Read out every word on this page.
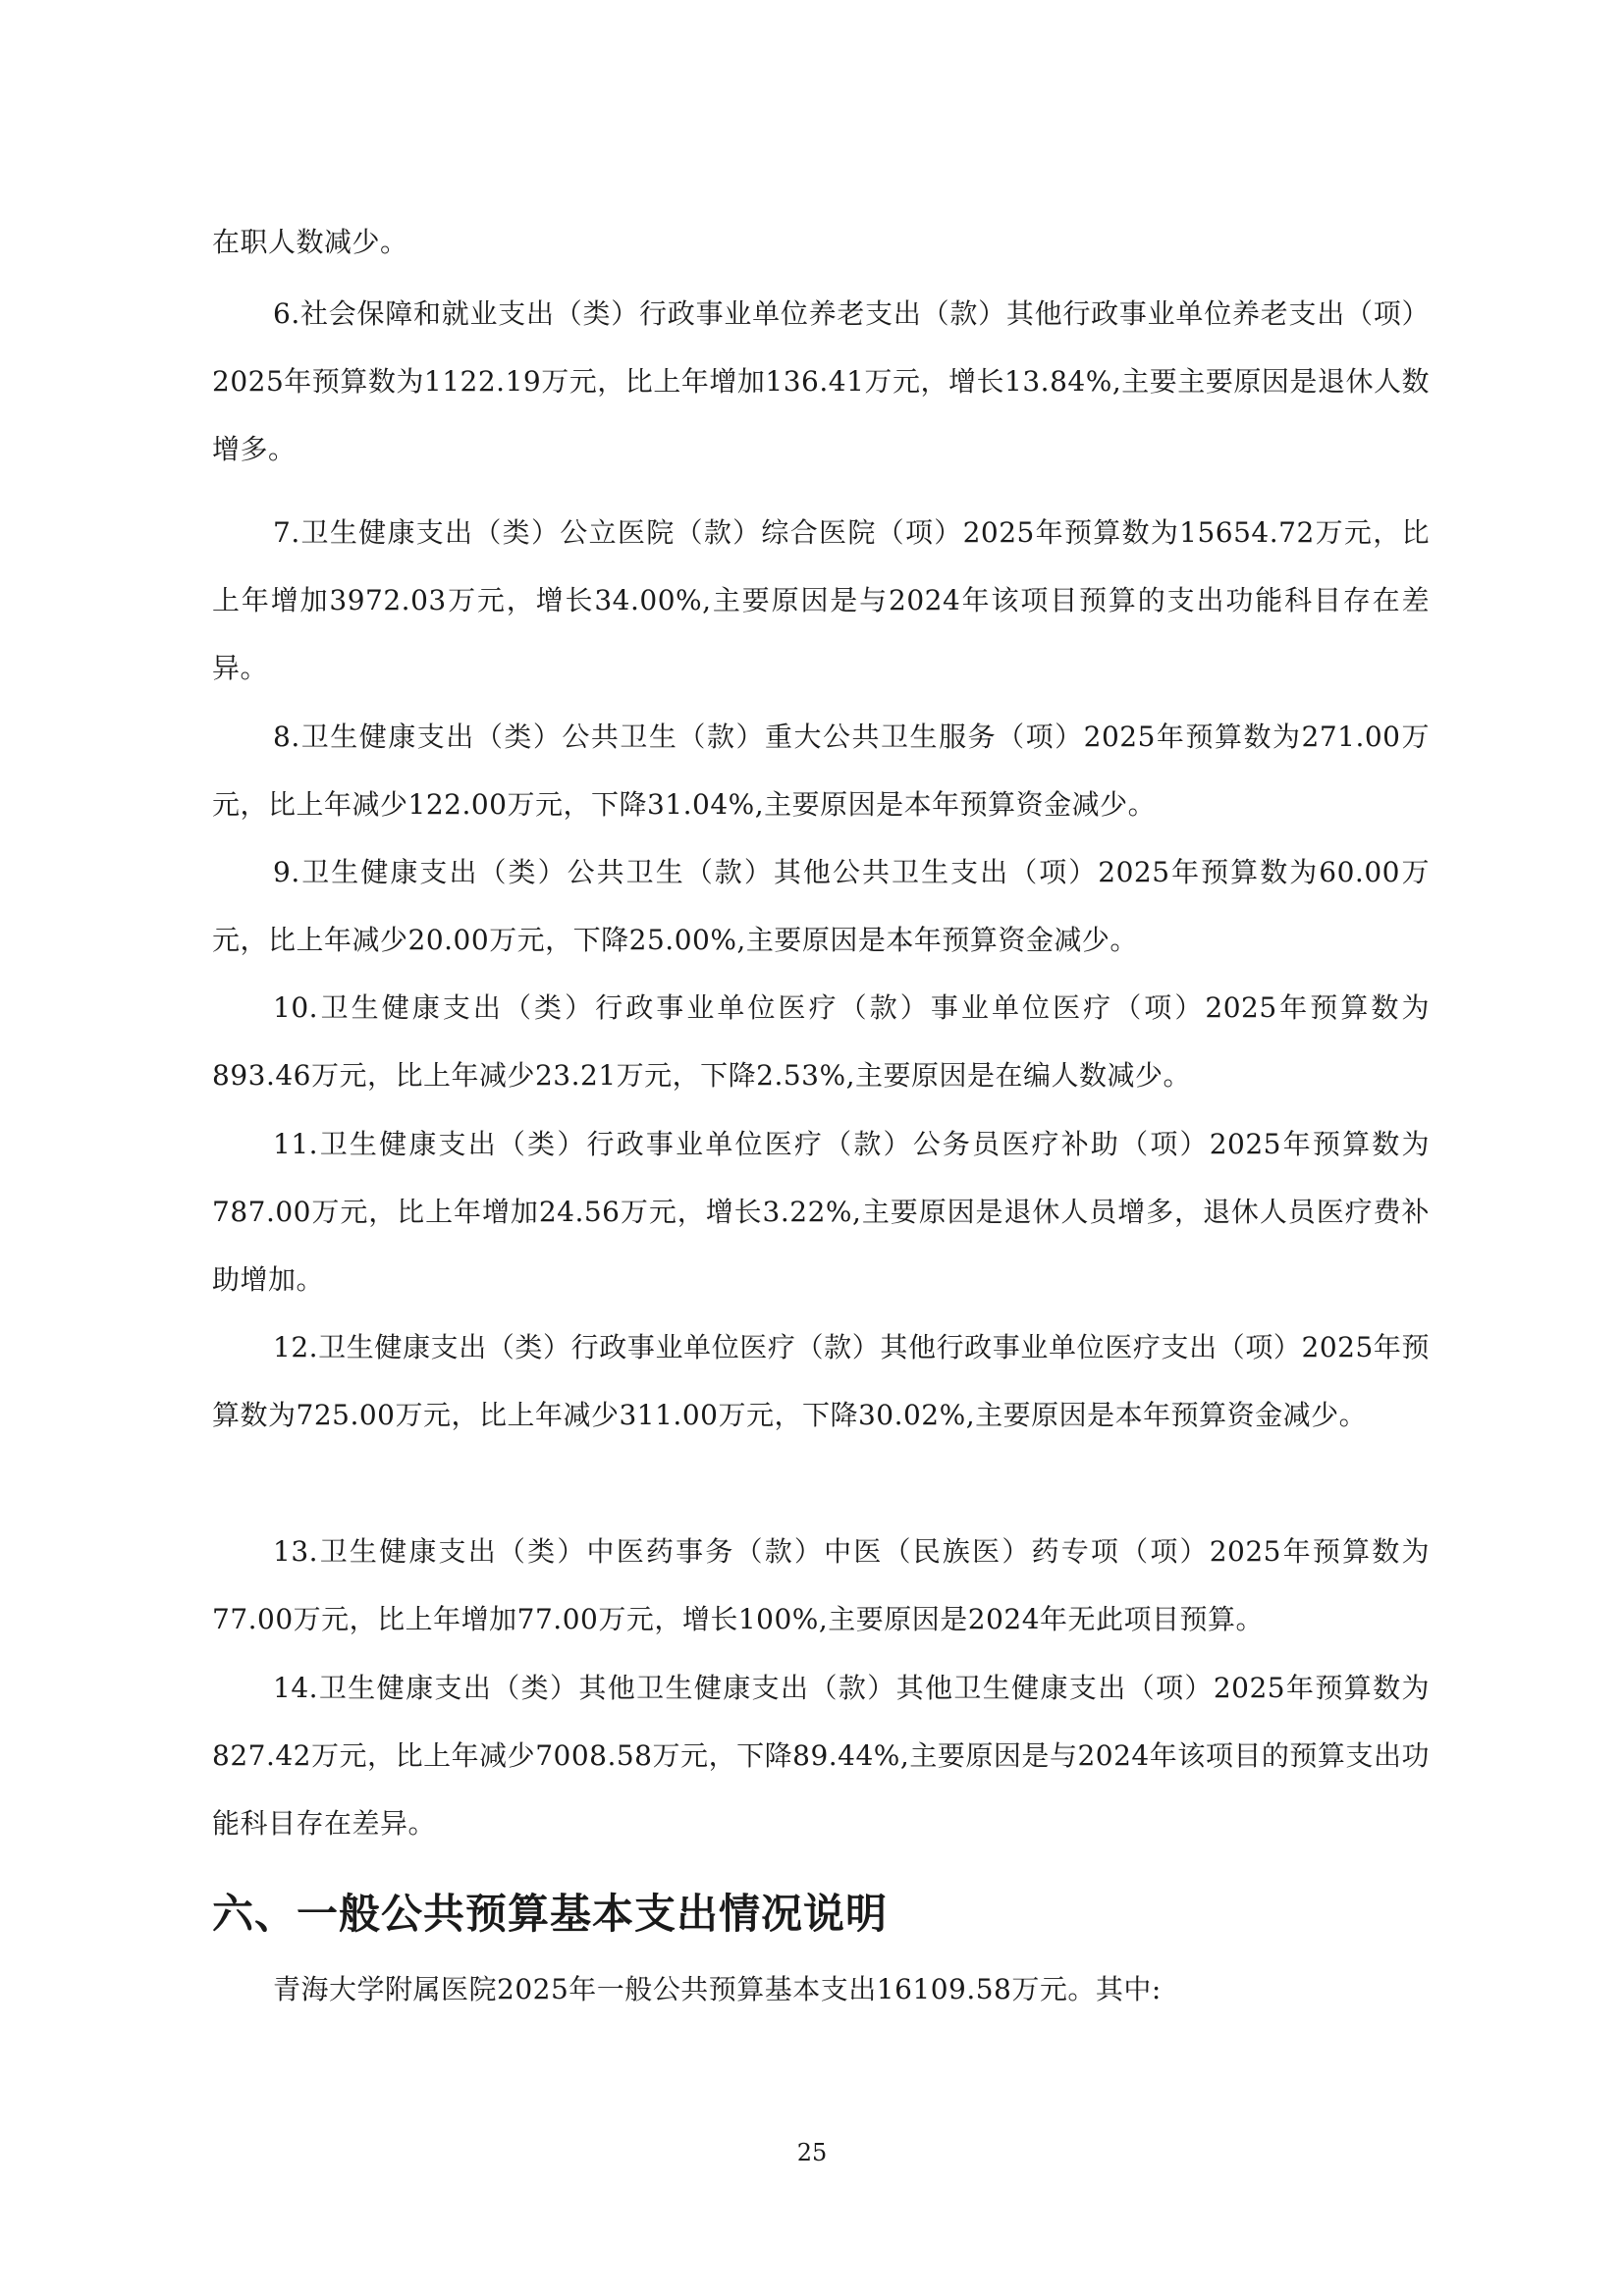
在职人数减少。

6.社会保障和就业支出（类）行政事业单位养老支出（款）其他行政事业单位养老支出（项）2025年预算数为1122.19万元，比上年增加136.41万元，增长13.84%,主要主要原因是退休人数增多。

7.卫生健康支出（类）公立医院（款）综合医院（项）2025年预算数为15654.72万元，比上年增加3972.03万元，增长34.00%,主要原因是与2024年该项目预算的支出功能科目存在差异。

8.卫生健康支出（类）公共卫生（款）重大公共卫生服务（项）2025年预算数为271.00万元，比上年减少122.00万元，下降31.04%,主要原因是本年预算资金减少。

9.卫生健康支出（类）公共卫生（款）其他公共卫生支出（项）2025年预算数为60.00万元，比上年减少20.00万元，下降25.00%,主要原因是本年预算资金减少。

10.卫生健康支出（类）行政事业单位医疗（款）事业单位医疗（项）2025年预算数为893.46万元，比上年减少23.21万元，下降2.53%,主要原因是在编人数减少。

11.卫生健康支出（类）行政事业单位医疗（款）公务员医疗补助（项）2025年预算数为787.00万元，比上年增加24.56万元，增长3.22%,主要原因是退休人员增多，退休人员医疗费补助增加。

12.卫生健康支出（类）行政事业单位医疗（款）其他行政事业单位医疗支出（项）2025年预算数为725.00万元，比上年减少311.00万元，下降30.02%,主要原因是本年预算资金减少。

13.卫生健康支出（类）中医药事务（款）中医（民族医）药专项（项）2025年预算数为77.00万元，比上年增加77.00万元，增长100%,主要原因是2024年无此项目预算。

14.卫生健康支出（类）其他卫生健康支出（款）其他卫生健康支出（项）2025年预算数为827.42万元，比上年减少7008.58万元，下降89.44%,主要原因是与2024年该项目的预算支出功能科目存在差异。

六、一般公共预算基本支出情况说明

青海大学附属医院2025年一般公共预算基本支出16109.58万元。其中:

25
